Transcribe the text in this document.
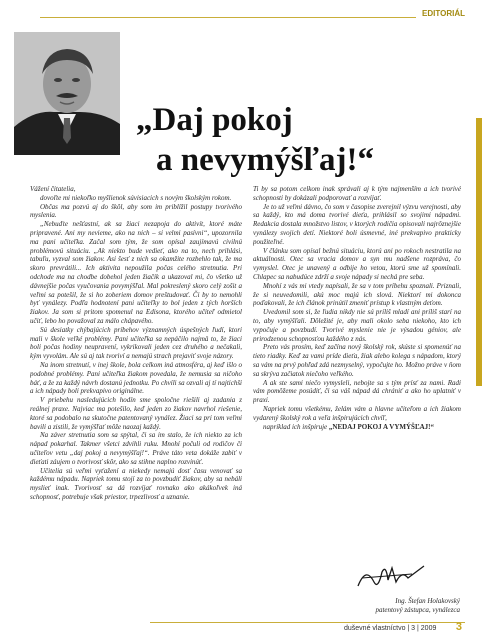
EDITORIÁL
„Daj pokoj
a nevymýšľaj!“

Vážení čitatelia,

dovoľte mi niekoľko myšlienok súvisiacich s novým školským rokom.

Občas ma pozvú aj do škôl, aby som im priblížil postupy tvorivého myslenia.

„Nebuďte nešťastní, ak sa žiaci nezapoja do aktivít, ktoré máte pripravené. Ani my nevieme, ako na nich – si velmi pasívni“, upozornila ma pani učiteľka. Začal som tým, že som opísal zaujímavú civilnú problémovú situáciu. „Ak niekto bude vedieť, ako na to, nech prihlási, tabuľu, vyzval som žiakov. Asi šesť z nich sa okamžite rozbehlo tak, že ma skoro prevrátili... Ich aktivita nepoužila počas celého stretnutia. Pri odchode ma na chodbe dobehol jeden žiačik a ukazoval mi, čo všetko už dávnejšie počas vyučovania povymýšľal. Mal pokreslený skoro celý zošit a veľmi sa potešil, že si ho zoberiem domov preštudovať. Či by to nemohli byť vynálezy. Podľa hodnotení pani učiteľky to bol jeden z tých horších žiakov. Ja som si pritom spomenul na Edisona, ktorého učiteľ odmietol učiť, lebo ho považoval za málo chápavého.

Sú desiatky chýbajúcich príbehov významných úspešných ľudí, ktorí mali v škole veľké problémy. Pani učiteľka sa nepáčilo najmä to, že žiaci boli počas hodiny neupravení, vykrikovali jeden cez druhého a nečakali, kým vyvolám. Ale sú aj tak tvoriví a nemajú strach prejaviť svoje názory.

Na inom stretnutí, v inej škole, bola celkom iná atmosféra, aj keď išlo o podobné problémy. Pani učiteľka žiakom povedala, že nemusia sa ničoho báť, a že za každý návrh dostanú jednotku. Po chvíli sa ozvali aj tí najtichší a ich nápady boli prekvapivo originálne.

V priebehu nasledujúcich hodín sme spoločne riešili aj zadania z reálnej praxe. Najviac ma potešilo, keď jeden zo žiakov navrhol riešenie, ktoré sa podobalo na skutočne patentovaný vynález. Žiaci sa pri tom veľmi bavili a zistili, že vymýšľať môže naozaj každý.

Na záver stretnutia som sa spýtal, či sa im stalo, že ich niekto za ich nápad pokarhal. Takmer všetci zdvihli ruku. Mnohí počuli od rodičov či učiteľov vetu „daj pokoj a nevymýšľaj!“. Práve táto veta dokáže zabiť v dieťati záujem o tvorivosť skôr, ako sa stihne naplno rozvinúť.

Učitelia sú veľmi vyťažení a niekedy nemajú dosť času venovať sa každému nápadu. Napriek tomu stojí za to povzbudiť žiakov, aby sa nebáli myslieť inak. Tvorivosť sa dá rozvíjať rovnako ako akákoľvek iná schopnosť, potrebuje však priestor, trpezlivosť a uznanie.

Ti by sa potom celkom inak správali aj k tým najmenším a ich tvorivé schopnosti by dokázali podporovať a rozvíjať.

Je to už veľmi dávno, čo som v časopise zverejnil výzvu verejnosti, aby sa každý, kto má doma tvorivé dieťa, prihlásil so svojimi nápadmi. Redakcia dostala množstvo listov, v ktorých rodičia opisovali najrôznejšie vynálezy svojich detí. Niektoré boli úsmevné, iné prekvapivo prakticky použiteľné.

V článku som opísal bežnú situáciu, ktorú ani po rokoch nestratila na aktuálnosti. Otec sa vracia domov a syn mu nadšene rozpráva, čo vymyslel. Otec je unavený a odbije ho vetou, ktorú sme už spomínali. Chlapec sa nabudúce zdrží a svoje nápady si nechá pre seba.

Mnohí z vás mi vtedy napísali, že sa v tom príbehu spoznali. Priznali, že si neuvedomili, akú moc majú ich slová. Niektorí mi dokonca poďakovali, že ich článok prinútil zmeniť prístup k vlastným deťom.

Uvedomil som si, že ľudia nikdy nie sú príliš mladí ani príliš starí na to, aby vymýšľali. Dôležité je, aby mali okolo seba niekoho, kto ich vypočuje a povzbudí. Tvorivé myslenie nie je výsadou géniov, ale prirodzenou schopnosťou každého z nás.

Preto vás prosím, keď začína nový školský rok, skúste si spomenúť na tieto riadky. Keď za vami príde dieťa, žiak alebo kolega s nápadom, ktorý sa vám na prvý pohľad zdá nezmyselný, vypočujte ho. Možno práve v ňom sa skrýva začiatok niečoho veľkého.

A ak ste sami niečo vymysleli, nebojte sa s tým prísť za nami. Radi vám pomôžeme posúdiť, či sa váš nápad dá chrániť a ako ho uplatniť v praxi.

Napriek tomu všetkému, želám vám a hlavne učiteľom a ich žiakom vydarený školský rok a veľa inšpirujúcich chvíľ,

napríklad ich inšpiruje „NEDAJ POKOJ A VYMÝŠĽAJ!“

Ing. Štefan Holakovský
patentový zástupca, vynálezca
duševné vlastníctvo | 3 | 2009 3
